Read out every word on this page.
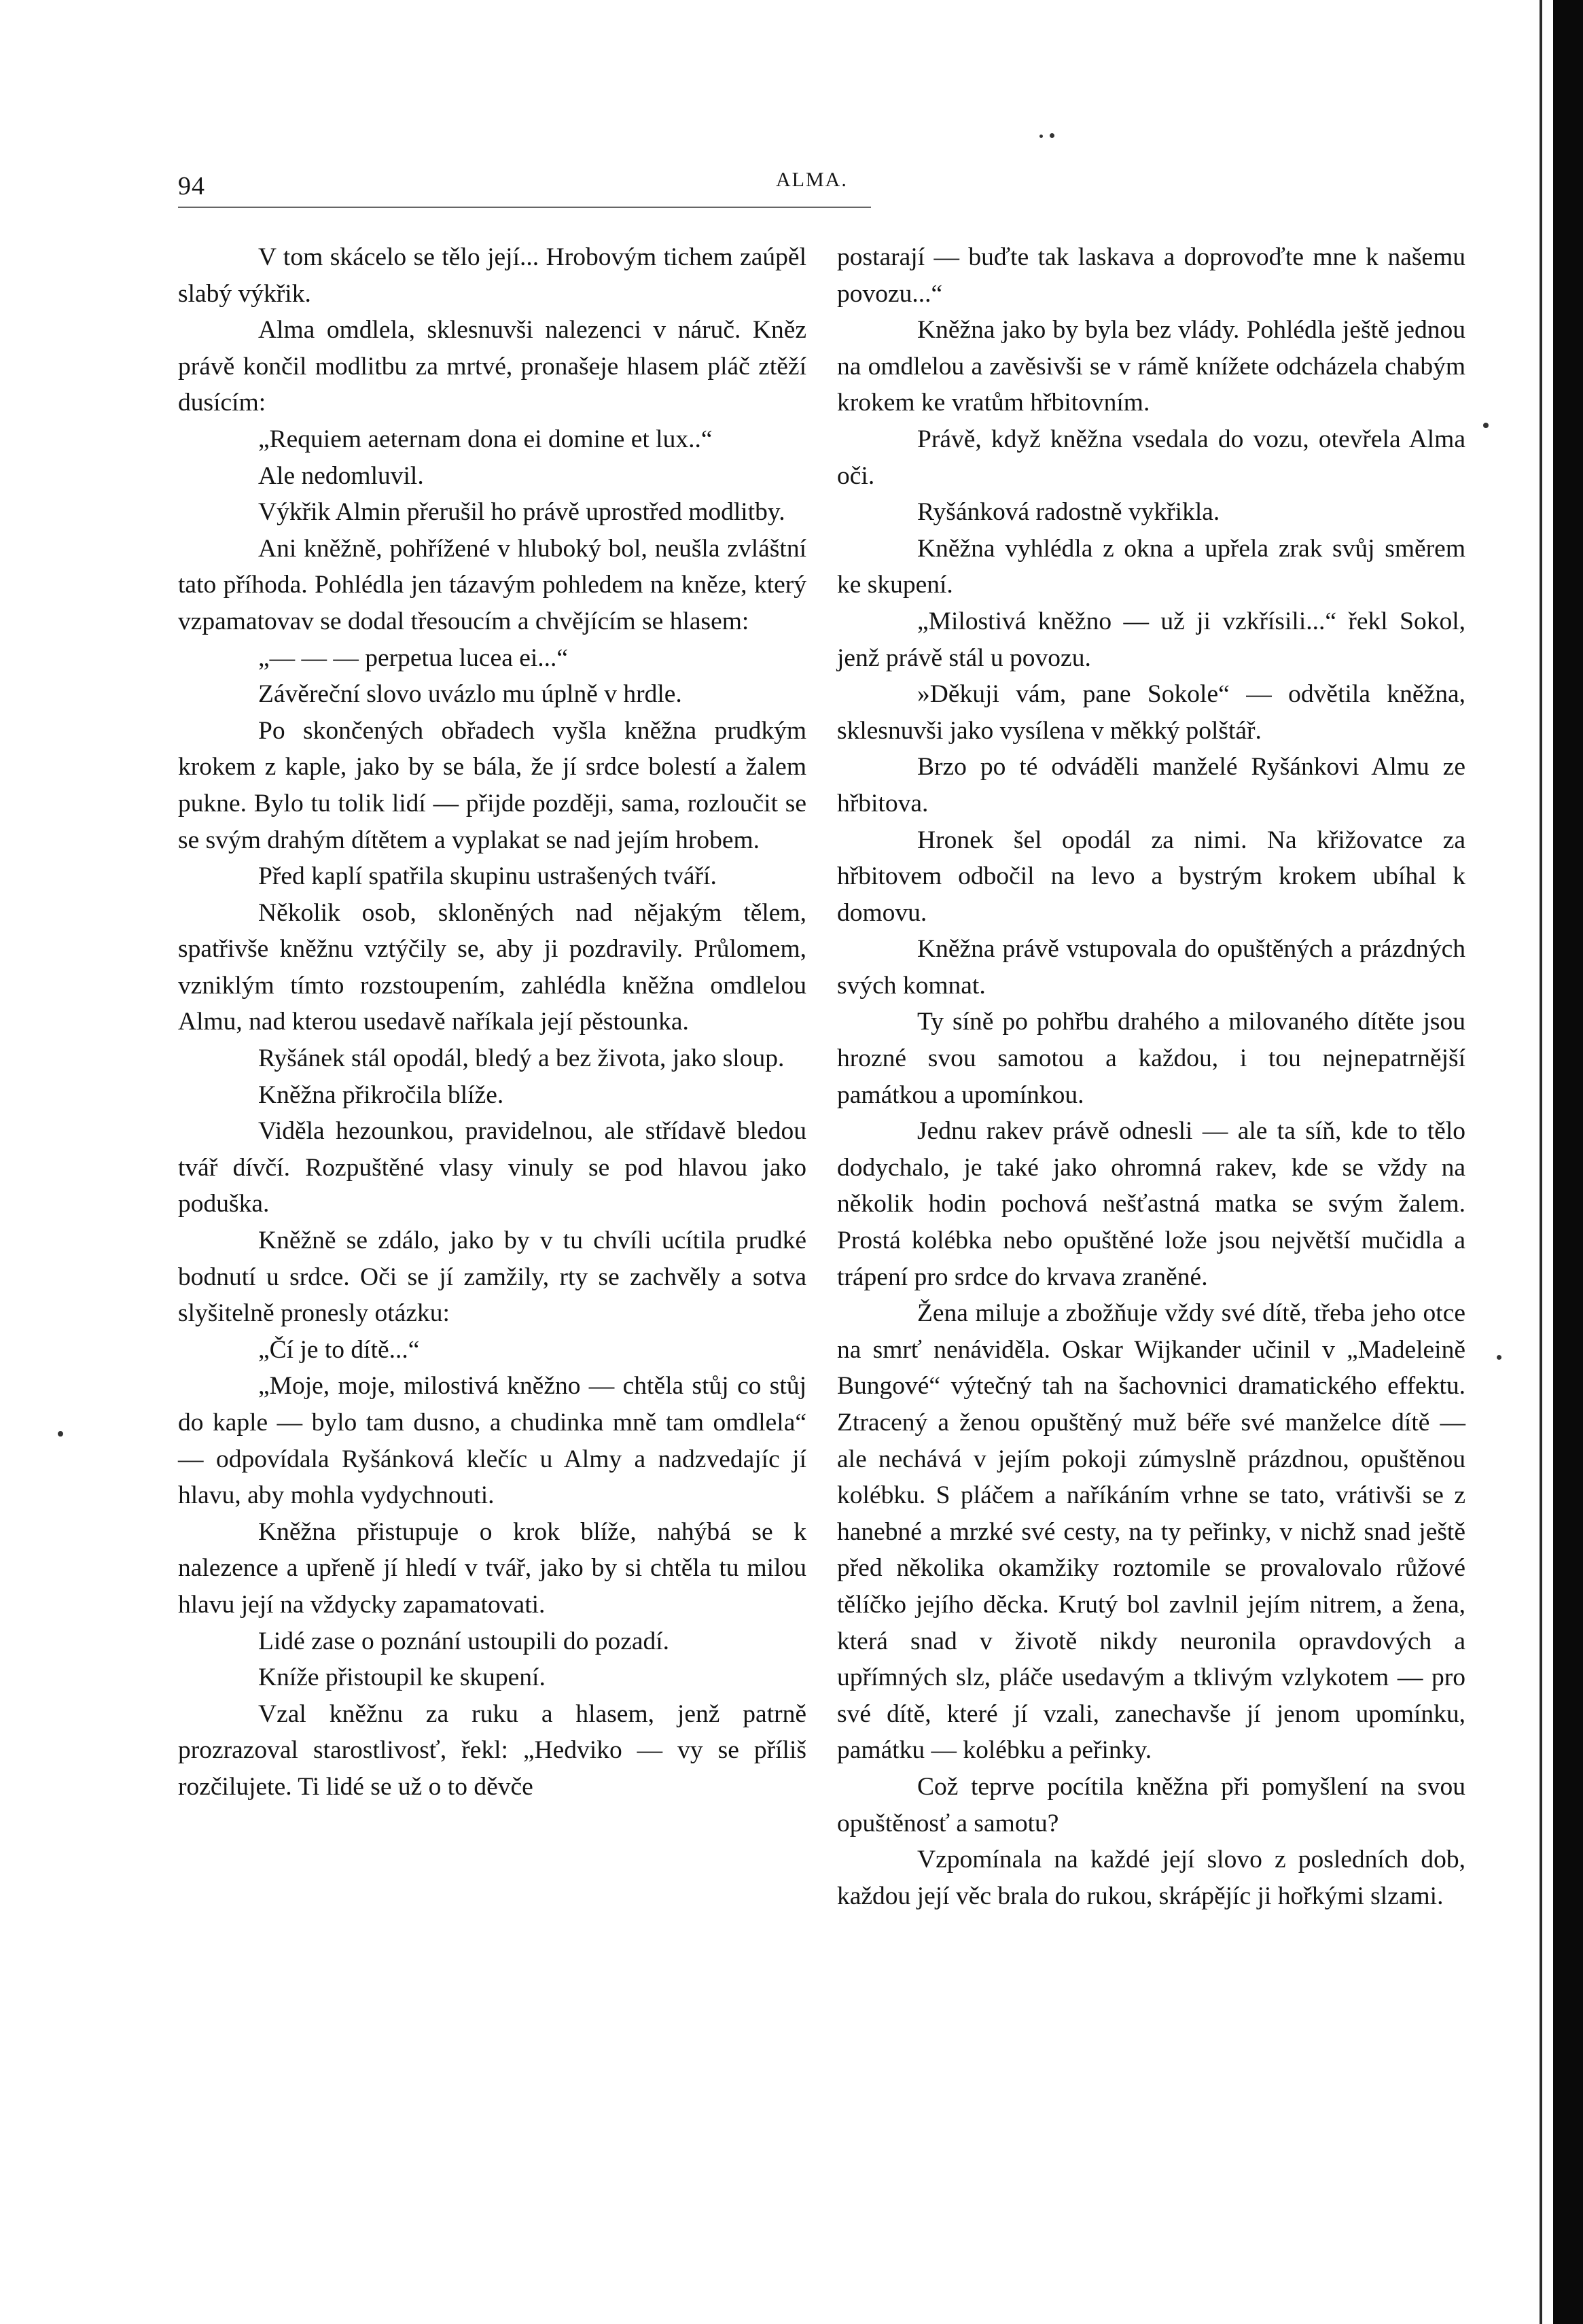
94	ALMA.

V tom skácelo se tělo její... Hrobovým tichem zaúpěl slabý výkřik.

Alma omdlela, sklesnuvši nalezenci v náruč. Kněz právě končil modlitbu za mrtvé, pronašeje hlasem pláč ztěží dusícím:

„Requiem aeternam dona ei domine et lux..“

Ale nedomluvil.

Výkřik Almin přerušil ho právě uprostřed modlitby.

Ani kněžně, pohřížené v hluboký bol, neušla zvláštní tato příhoda. Pohlédla jen tázavým pohledem na kněze, který vzpamatovav se dodal třesoucím a chvějícím se hlasem:

„— — — perpetua lucea ei...“

Závěreční slovo uvázlo mu úplně v hrdle.

Po skončených obřadech vyšla kněžna prudkým krokem z kaple, jako by se bála, že jí srdce bolestí a žalem pukne. Bylo tu tolik lidí — přijde později, sama, rozloučit se se svým drahým dítětem a vyplakat se nad jejím hrobem.

Před kaplí spatřila skupinu ustrašených tváří.

Několik osob, skloněných nad nějakým tělem, spatřivše kněžnu vztýčily se, aby ji pozdravily. Průlomem, vzniklým tímto rozstoupením, zahlédla kněžna omdlelou Almu, nad kterou usedavě naříkala její pěstounka.

Ryšánek stál opodál, bledý a bez života, jako sloup.

Kněžna přikročila blíže.

Viděla hezounkou, pravidelnou, ale střídavě bledou tvář dívčí. Rozpuštěné vlasy vinuly se pod hlavou jako poduška.

Kněžně se zdálo, jako by v tu chvíli ucítila prudké bodnutí u srdce. Oči se jí zamžily, rty se zachvěly a sotva slyšitelně pronesly otázku:

„Čí je to dítě...“

„Moje, moje, milostivá kněžno — chtěla stůj co stůj do kaple — bylo tam dusno, a chudinka mně tam omdlela“ — odpovídala Ryšánková klečíc u Almy a nadzvedajíc jí hlavu, aby mohla vydychnouti.

Kněžna přistupuje o krok blíže, nahýbá se k nalezence a upřeně jí hledí v tvář, jako by si chtěla tu milou hlavu její na vždycky zapamatovati.

Lidé zase o poznání ustoupili do pozadí.

Kníže přistoupil ke skupení.

Vzal kněžnu za ruku a hlasem, jenž patrně prozrazoval starostlivosť, řekl: „Hedviko — vy se příliš rozčilujete. Ti lidé se už o to děvče

postarají — buďte tak laskava a doprovoďte mne k našemu povozu...“

Kněžna jako by byla bez vlády. Pohlédla ještě jednou na omdlelou a zavěsivši se v rámě knížete odcházela chabým krokem ke vratům hřbitovním.

Právě, když kněžna vsedala do vozu, otevřela Alma oči.

Ryšánková radostně vykřikla.

Kněžna vyhlédla z okna a upřela zrak svůj směrem ke skupení.

„Milostivá kněžno — už ji vzkřísili...“ řekl Sokol, jenž právě stál u povozu.

»Děkuji vám, pane Sokole“ — odvětila kněžna, sklesnuvši jako vysílena v měkký polštář.

Brzo po té odváděli manželé Ryšánkovi Almu ze hřbitova.

Hronek šel opodál za nimi. Na křižovatce za hřbitovem odbočil na levo a bystrým krokem ubíhal k domovu.

Kněžna právě vstupovala do opuštěných a prázdných svých komnat.

Ty síně po pohřbu drahého a milovaného dítěte jsou hrozné svou samotou a každou, i tou nejnepatrnější památkou a upomínkou.

Jednu rakev právě odnesli — ale ta síň, kde to tělo dodychalo, je také jako ohromná rakev, kde se vždy na několik hodin pochová nešťastná matka se svým žalem. Prostá kolébka nebo opuštěné lože jsou největší mučidla a trápení pro srdce do krvava zraněné.

Žena miluje a zbožňuje vždy své dítě, třeba jeho otce na smrť nenáviděla. Oskar Wijkander učinil v „Madeleině Bungové“ výtečný tah na šachovnici dramatického effektu. Ztracený a ženou opuštěný muž béře své manželce dítě — ale nechává v jejím pokoji zúmyslně prázdnou, opuštěnou kolébku. S pláčem a naříkáním vrhne se tato, vrátivši se z hanebné a mrzké své cesty, na ty peřinky, v nichž snad ještě před několika okamžiky roztomile se provalovalo růžové tělíčko jejího děcka. Krutý bol zavlnil jejím nitrem, a žena, která snad v životě nikdy neuronila opravdových a upřímných slz, pláče usedavým a tklivým vzlykotem — pro své dítě, které jí vzali, zanechavše jí jenom upomínku, památku — kolébku a peřinky.

Což teprve pocítila kněžna při pomyšlení na svou opuštěnosť a samotu?

Vzpomínala na každé její slovo z posledních dob, každou její věc brala do rukou, skrápějíc ji hořkými slzami.
